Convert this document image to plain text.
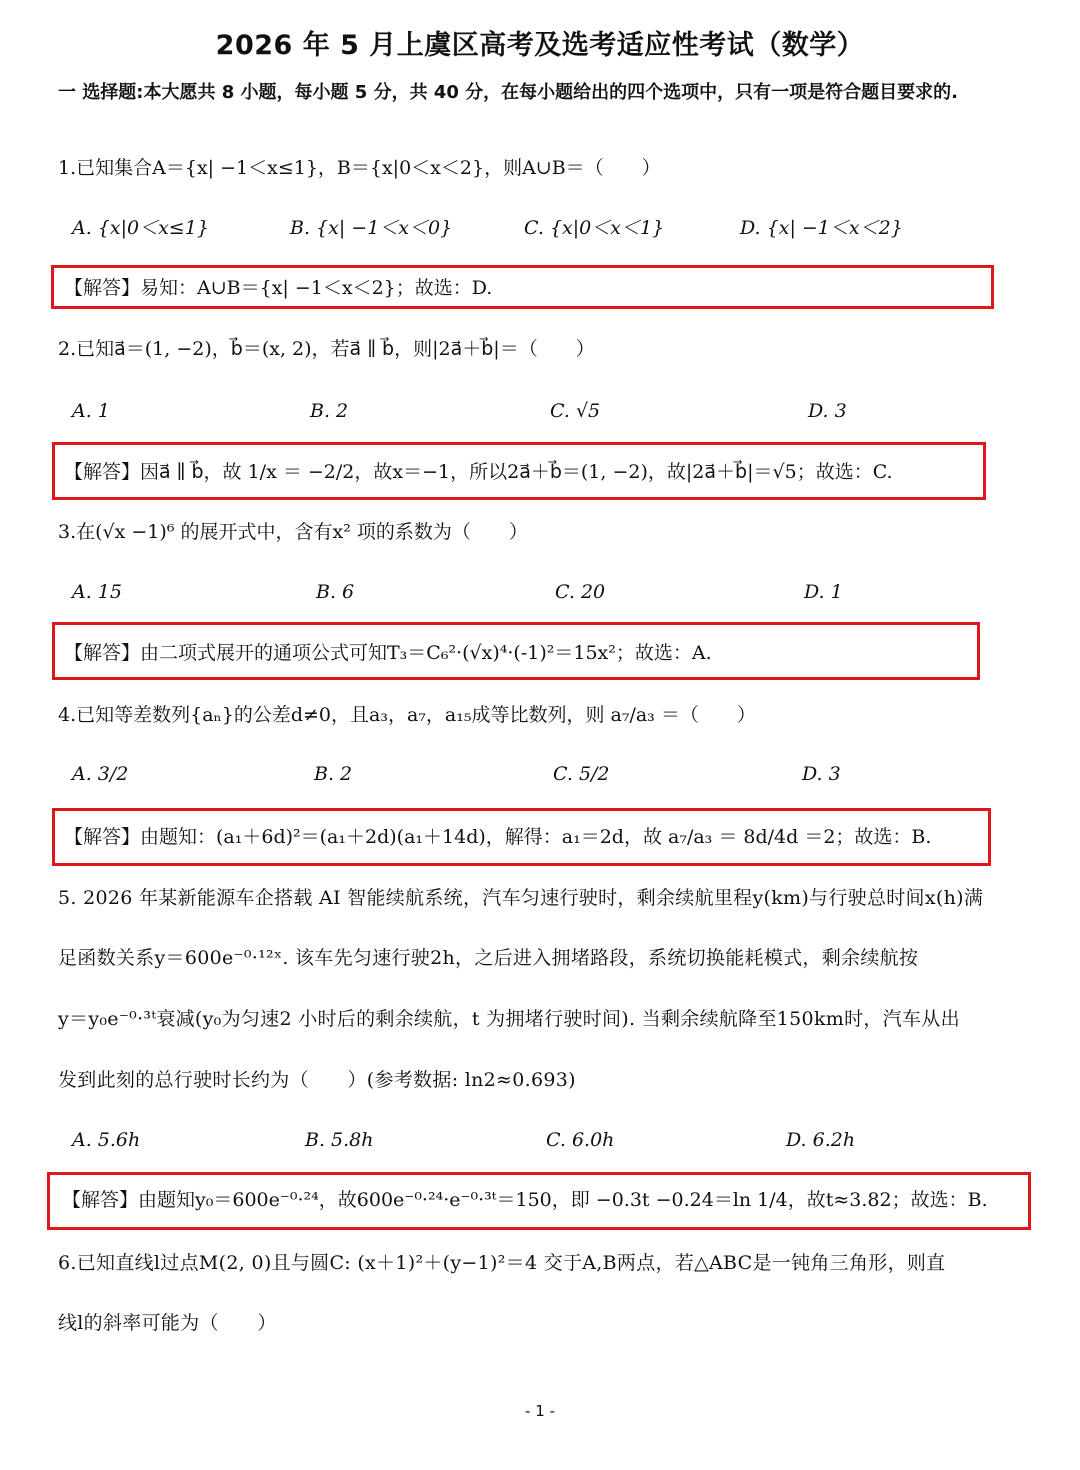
2026 年 5 月上虞区高考及选考适应性考试（数学）
一 选择题:本大愿共 8 小题，每小题 5 分，共 40 分，在每小题给出的四个选项中，只有一项是符合题目要求的.
1.已知集合A＝{x| −1＜x≤1}，B＝{x|0＜x＜2}，则A∪B＝（　　）
A. {x|0＜x≤1}	B. {x| −1＜x＜0}	C. {x|0＜x＜1}	D. {x| −1＜x＜2}
【解答】易知：A∪B＝{x| −1＜x＜2}；故选：D.
2.已知a⃗＝(1, −2)，b⃗＝(x, 2)，若a⃗ ∥ b⃗，则|2a⃗＋b⃗|＝（　　）
A. 1	B. 2	C. √5	D. 3
【解答】因a⃗ ∥ b⃗，故 1/x ＝ −2/2，故x＝−1，所以2a⃗＋b⃗＝(1, −2)，故|2a⃗＋b⃗|＝√5；故选：C.
3.在(√x −1)⁶ 的展开式中，含有x² 项的系数为（　　）
A. 15	B. 6	C. 20	D. 1
【解答】由二项式展开的通项公式可知T₃＝C₆²·(√x)⁴·(-1)²＝15x²；故选：A.
4.已知等差数列{aₙ}的公差d≠0，且a₃，a₇，a₁₅成等比数列，则 a₇/a₃ ＝（　　）
A. 3/2	B. 2	C. 5/2	D. 3
【解答】由题知：(a₁＋6d)²＝(a₁＋2d)(a₁＋14d)，解得：a₁＝2d，故 a₇/a₃ ＝ 8d/4d ＝2；故选：B.
5. 2026 年某新能源车企搭载 AI 智能续航系统，汽车匀速行驶时，剩余续航里程y(km)与行驶总时间x(h)满
足函数关系y＝600e⁻⁰·¹²ˣ. 该车先匀速行驶2h，之后进入拥堵路段，系统切换能耗模式，剩余续航按
y＝y₀e⁻⁰·³ᵗ衰减(y₀为匀速2 小时后的剩余续航，t 为拥堵行驶时间). 当剩余续航降至150km时，汽车从出
发到此刻的总行驶时长约为（　　）(参考数据: ln2≈0.693)
A. 5.6h	B. 5.8h	C. 6.0h	D. 6.2h
【解答】由题知y₀＝600e⁻⁰·²⁴，故600e⁻⁰·²⁴·e⁻⁰·³ᵗ＝150，即 −0.3t −0.24＝ln 1/4，故t≈3.82；故选：B.
6.已知直线l过点M(2, 0)且与圆C: (x＋1)²＋(y−1)²＝4 交于A,B两点，若△ABC是一钝角三角形，则直
线l的斜率可能为（　　）
- 1 -
